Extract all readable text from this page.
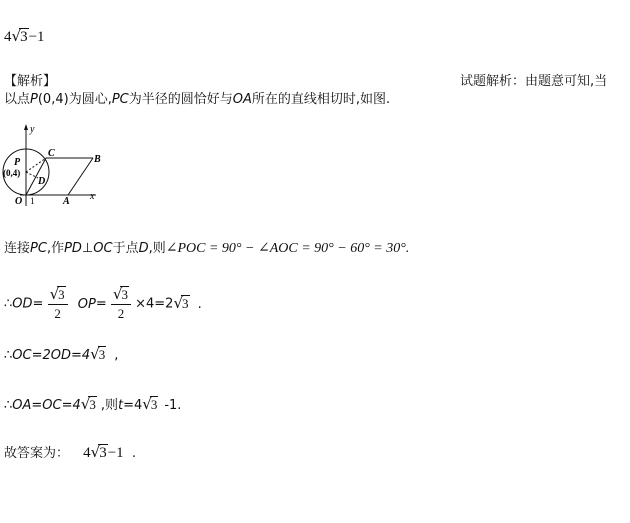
4√3−1
【解析】	试题解析：由题意可知,当
以点P(0,4)为圆心,PC为半径的圆恰好与OA所在的直线相切时,如图.
y
x
P
(0,4)
C
B
D
O 1	A
连接PC,作PD⊥OC于点D,则∠POC = 90° − ∠AOC = 90° − 60° = 30°.
∴OD= $\frac{√3}{2} OP= \frac{√3}{2} \times 4=2√3$ .
∴OC=2OD=4√3 ,
∴OA=OC=4√3 ,则t=4√3 -1.
故答案为： 4√3−1 .
